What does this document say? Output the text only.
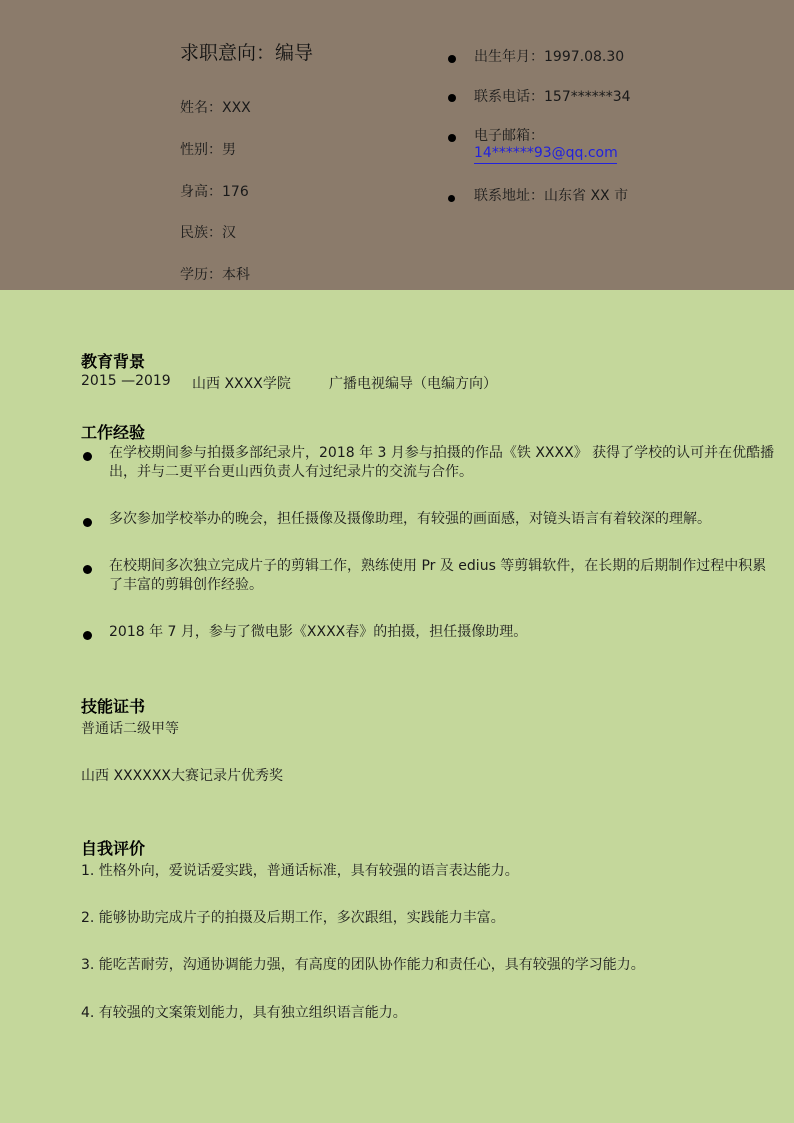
求职意向：编导
姓名：XXX
性别：男
身高：176
民族：汉
学历：本科
出生年月：1997.08.30
联系电话：157******34
电子邮箱：
14******93@qq.com
联系地址：山东省 XX 市
教育背景
2015 —2019 山西 XXXX学院	广播电视编导（电编方向）
工作经验
在学校期间参与拍摄多部纪录片，2018 年 3 月参与拍摄的作品《铁 XXXX》 获得了学校的认可并在优酷播出，并与二更平台更山西负责人有过纪录片的交流与合作。
多次参加学校举办的晚会，担任摄像及摄像助理，有较强的画面感，对镜头语言有着较深的理解。
在校期间多次独立完成片子的剪辑工作，熟练使用 Pr 及 edius 等剪辑软件，在长期的后期制作过程中积累了丰富的剪辑创作经验。
2018 年 7 月，参与了微电影《XXXX春》的拍摄，担任摄像助理。
技能证书
普通话二级甲等
山西 XXXXXX大赛记录片优秀奖
自我评价
1. 性格外向，爱说话爱实践，普通话标准，具有较强的语言表达能力。
2. 能够协助完成片子的拍摄及后期工作，多次跟组，实践能力丰富。
3. 能吃苦耐劳，沟通协调能力强，有高度的团队协作能力和责任心，具有较强的学习能力。
4. 有较强的文案策划能力，具有独立组织语言能力。
